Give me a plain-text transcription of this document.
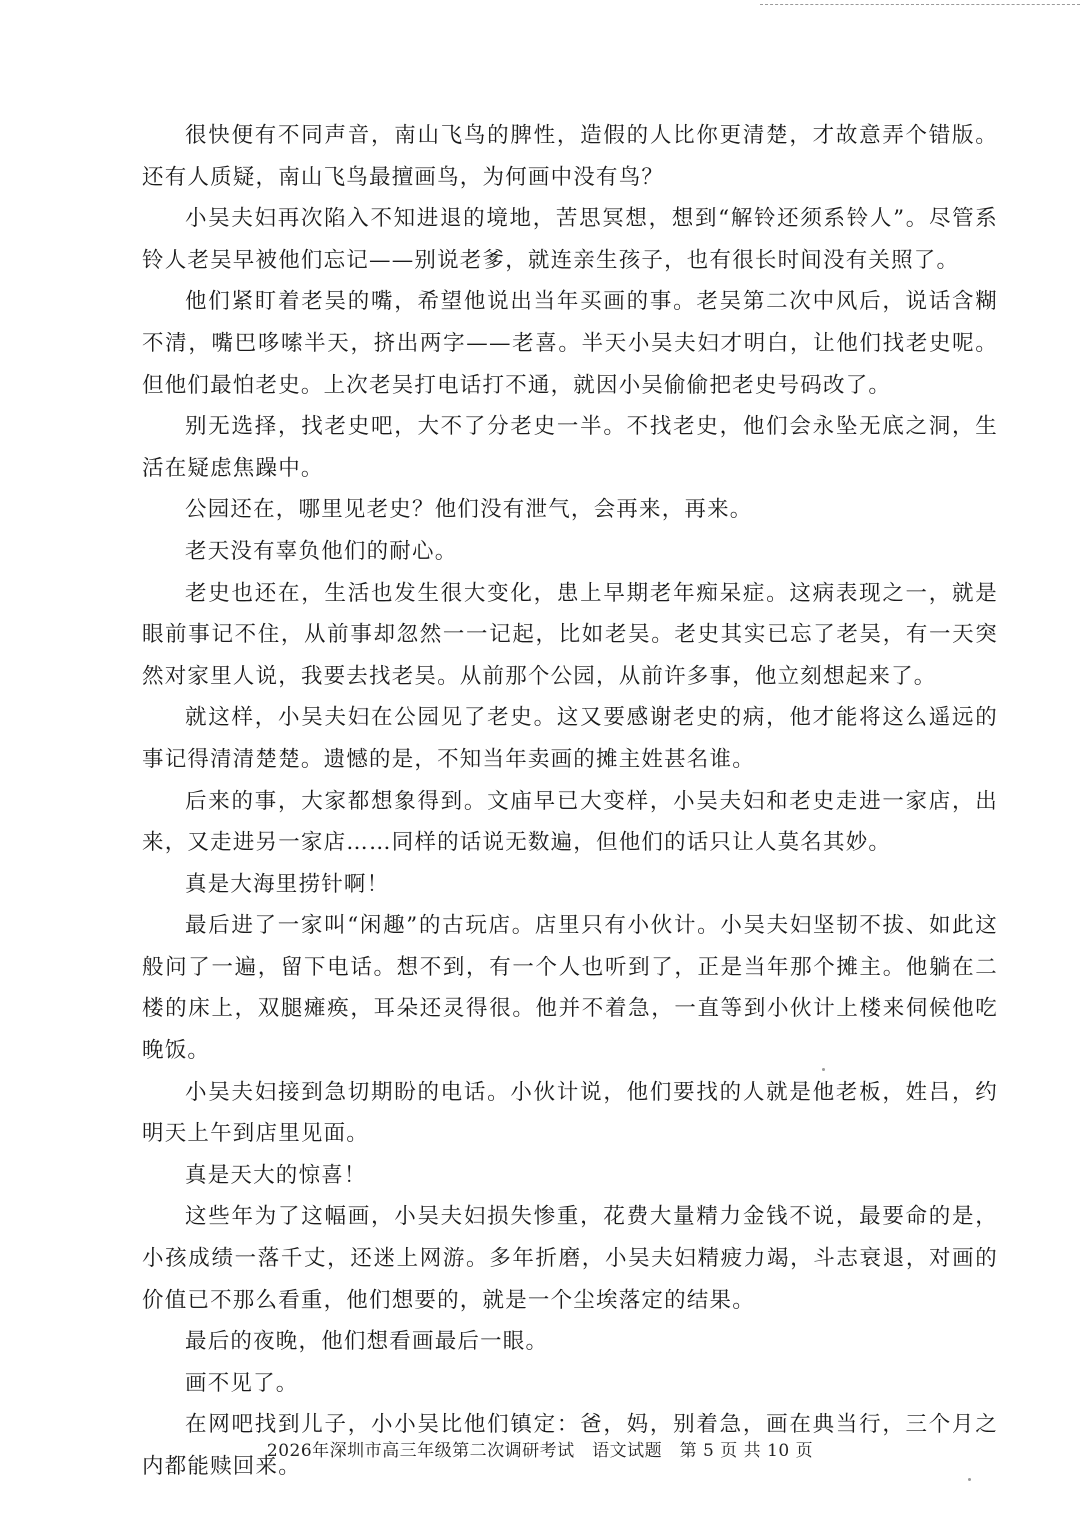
很快便有不同声音，南山飞鸟的脾性，造假的人比你更清楚，才故意弄个错版。还有人质疑，南山飞鸟最擅画鸟，为何画中没有鸟？

小吴夫妇再次陷入不知进退的境地，苦思冥想，想到“解铃还须系铃人”。尽管系铃人老吴早被他们忘记——别说老爹，就连亲生孩子，也有很长时间没有关照了。

他们紧盯着老吴的嘴，希望他说出当年买画的事。老吴第二次中风后，说话含糊不清，嘴巴哆嗦半天，挤出两字——老喜。半天小吴夫妇才明白，让他们找老史呢。但他们最怕老史。上次老吴打电话打不通，就因小吴偷偷把老史号码改了。

别无选择，找老史吧，大不了分老史一半。不找老史，他们会永坠无底之洞，生活在疑虑焦躁中。

公园还在，哪里见老史？他们没有泄气，会再来，再来。

老天没有辜负他们的耐心。

老史也还在，生活也发生很大变化，患上早期老年痴呆症。这病表现之一，就是眼前事记不住，从前事却忽然一一记起，比如老吴。老史其实已忘了老吴，有一天突然对家里人说，我要去找老吴。从前那个公园，从前许多事，他立刻想起来了。

就这样，小吴夫妇在公园见了老史。这又要感谢老史的病，他才能将这么遥远的事记得清清楚楚。遗憾的是，不知当年卖画的摊主姓甚名谁。

后来的事，大家都想象得到。文庙早已大变样，小吴夫妇和老史走进一家店，出来，又走进另一家店……同样的话说无数遍，但他们的话只让人莫名其妙。

真是大海里捞针啊！

最后进了一家叫“闲趣”的古玩店。店里只有小伙计。小吴夫妇坚韧不拔、如此这般问了一遍，留下电话。想不到，有一个人也听到了，正是当年那个摊主。他躺在二楼的床上，双腿瘫痪，耳朵还灵得很。他并不着急，一直等到小伙计上楼来伺候他吃晚饭。

小吴夫妇接到急切期盼的电话。小伙计说，他们要找的人就是他老板，姓吕，约明天上午到店里见面。

真是天大的惊喜！

这些年为了这幅画，小吴夫妇损失惨重，花费大量精力金钱不说，最要命的是，小孩成绩一落千丈，还迷上网游。多年折磨，小吴夫妇精疲力竭，斗志衰退，对画的价值已不那么看重，他们想要的，就是一个尘埃落定的结果。

最后的夜晚，他们想看画最后一眼。

画不见了。

在网吧找到儿子，小小吴比他们镇定：爸，妈，别着急，画在典当行，三个月之内都能赎回来。

2026年深圳市高三年级第二次调研考试　语文试题　第 5 页 共 10 页
